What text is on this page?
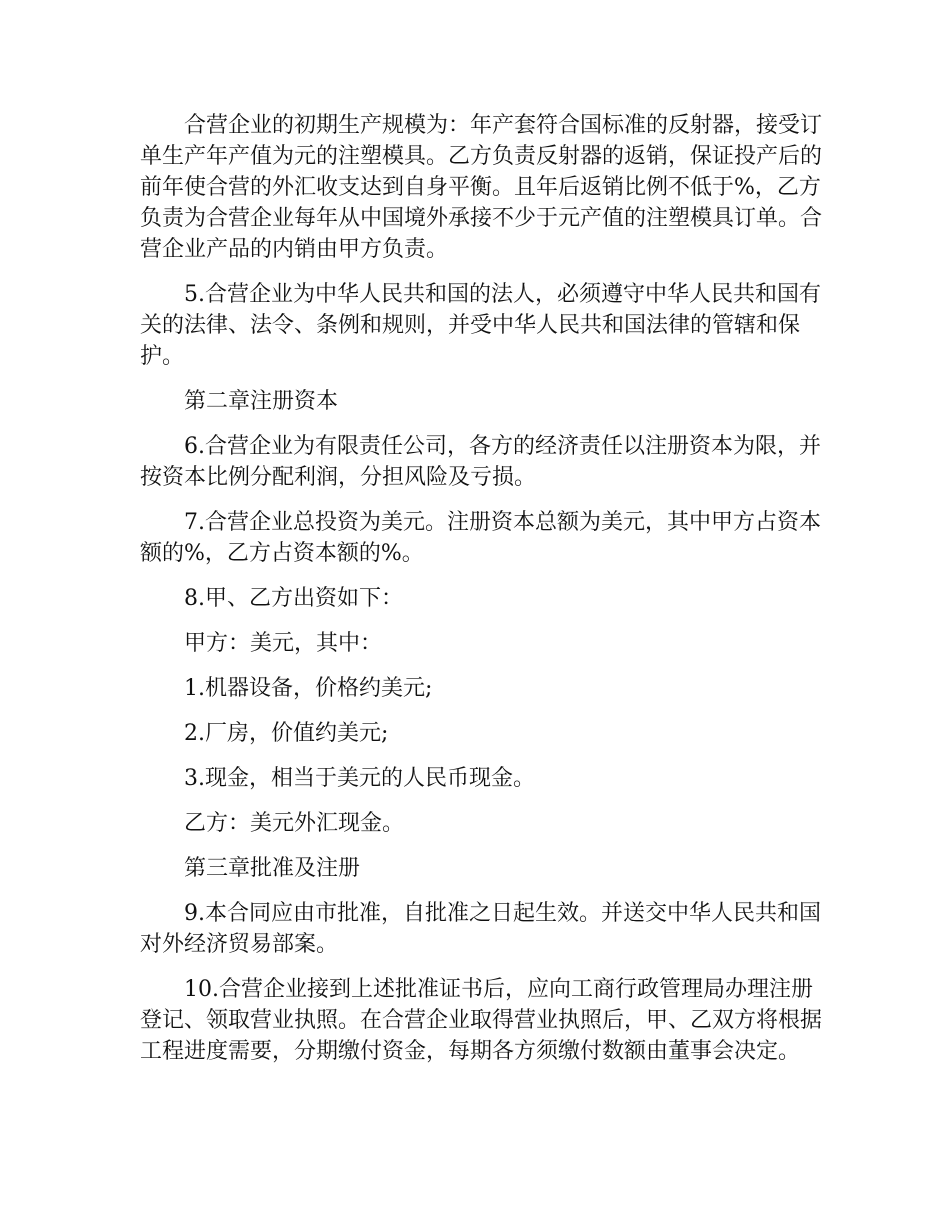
合营企业的初期生产规模为：年产套符合国标准的反射器，接受订单生产年产值为元的注塑模具。乙方负责反射器的返销，保证投产后的前年使合营的外汇收支达到自身平衡。且年后返销比例不低于%，乙方负责为合营企业每年从中国境外承接不少于元产值的注塑模具订单。合营企业产品的内销由甲方负责。

5.合营企业为中华人民共和国的法人，必须遵守中华人民共和国有关的法律、法令、条例和规则，并受中华人民共和国法律的管辖和保护。

第二章注册资本

6.合营企业为有限责任公司，各方的经济责任以注册资本为限，并按资本比例分配利润，分担风险及亏损。

7.合营企业总投资为美元。注册资本总额为美元，其中甲方占资本额的%，乙方占资本额的%。

8.甲、乙方出资如下：

甲方：美元，其中：

1.机器设备，价格约美元;

2.厂房，价值约美元;

3.现金，相当于美元的人民币现金。

乙方：美元外汇现金。

第三章批准及注册

9.本合同应由市批准，自批准之日起生效。并送交中华人民共和国对外经济贸易部案。

10.合营企业接到上述批准证书后，应向工商行政管理局办理注册登记、领取营业执照。在合营企业取得营业执照后，甲、乙双方将根据工程进度需要，分期缴付资金，每期各方须缴付数额由董事会决定。
